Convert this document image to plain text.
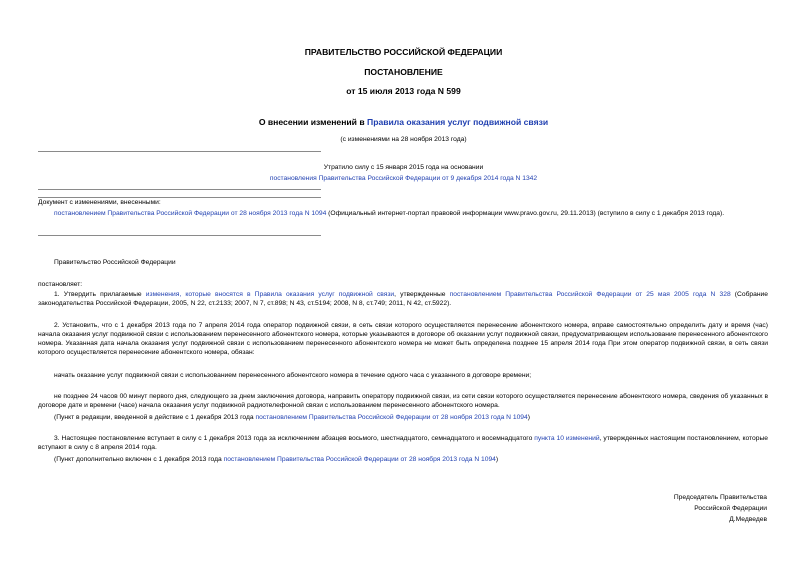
ПРАВИТЕЛЬСТВО РОССИЙСКОЙ ФЕДЕРАЦИИ
ПОСТАНОВЛЕНИЕ
от 15 июля 2013 года N 599
О внесении изменений в Правила оказания услуг подвижной связи
(с изменениями на 28 ноября 2013 года)
Утратило силу с 15 января 2015 года на основании
постановления Правительства Российской Федерации от 9 декабря 2014 года N 1342
Документ с изменениями, внесенными:
постановлением Правительства Российской Федерации от 28 ноября 2013 года N 1094 (Официальный интернет-портал правовой информации www.pravo.gov.ru, 29.11.2013) (вступило в силу с 1 декабря 2013 года).
Правительство Российской Федерации
постановляет:
1. Утвердить прилагаемые изменения, которые вносятся в Правила оказания услуг подвижной связи, утвержденные постановлением Правительства Российской Федерации от 25 мая 2005 года N 328 (Собрание законодательства Российской Федерации, 2005, N 22, ст.2133; 2007, N 7, ст.898; N 43, ст.5194; 2008, N 8, ст.749; 2011, N 42, ст.5922).
2. Установить, что с 1 декабря 2013 года по 7 апреля 2014 года оператор подвижной связи, в сеть связи которого осуществляется перенесение абонентского номера, вправе самостоятельно определить дату и время (час) начала оказания услуг подвижной связи с использованием перенесенного абонентского номера, которые указываются в договоре об оказании услуг подвижной связи, предусматривающем использование перенесенного абонентского номера. Указанная дата начала оказания услуг подвижной связи с использованием перенесенного абонентского номера не может быть определена позднее 15 апреля 2014 года При этом оператор подвижной связи, в сеть связи которого осуществляется перенесение абонентского номера, обязан:
начать оказание услуг подвижной связи с использованием перенесенного абонентского номера в течение одного часа с указанного в договоре времени;
не позднее 24 часов 00 минут первого дня, следующего за днем заключения договора, направить оператору подвижной связи, из сети связи которого осуществляется перенесение абонентского номера, сведения об указанных в договоре дате и времени (часе) начала оказания услуг подвижной радиотелефонной связи с использованием перенесенного абонентского номера.
(Пункт в редакции, введенной в действие с 1 декабря 2013 года постановлением Правительства Российской Федерации от 28 ноября 2013 года N 1094)
3. Настоящее постановление вступает в силу с 1 декабря 2013 года за исключением абзацев восьмого, шестнадцатого, семнадцатого и восемнадцатого пункта 10 изменений, утвержденных настоящим постановлением, которые вступают в силу с 8 апреля 2014 года.
(Пункт дополнительно включен с 1 декабря 2013 года постановлением Правительства Российской Федерации от 28 ноября 2013 года N 1094)
Председатель Правительства
Российской Федерации
Д.Медведев
